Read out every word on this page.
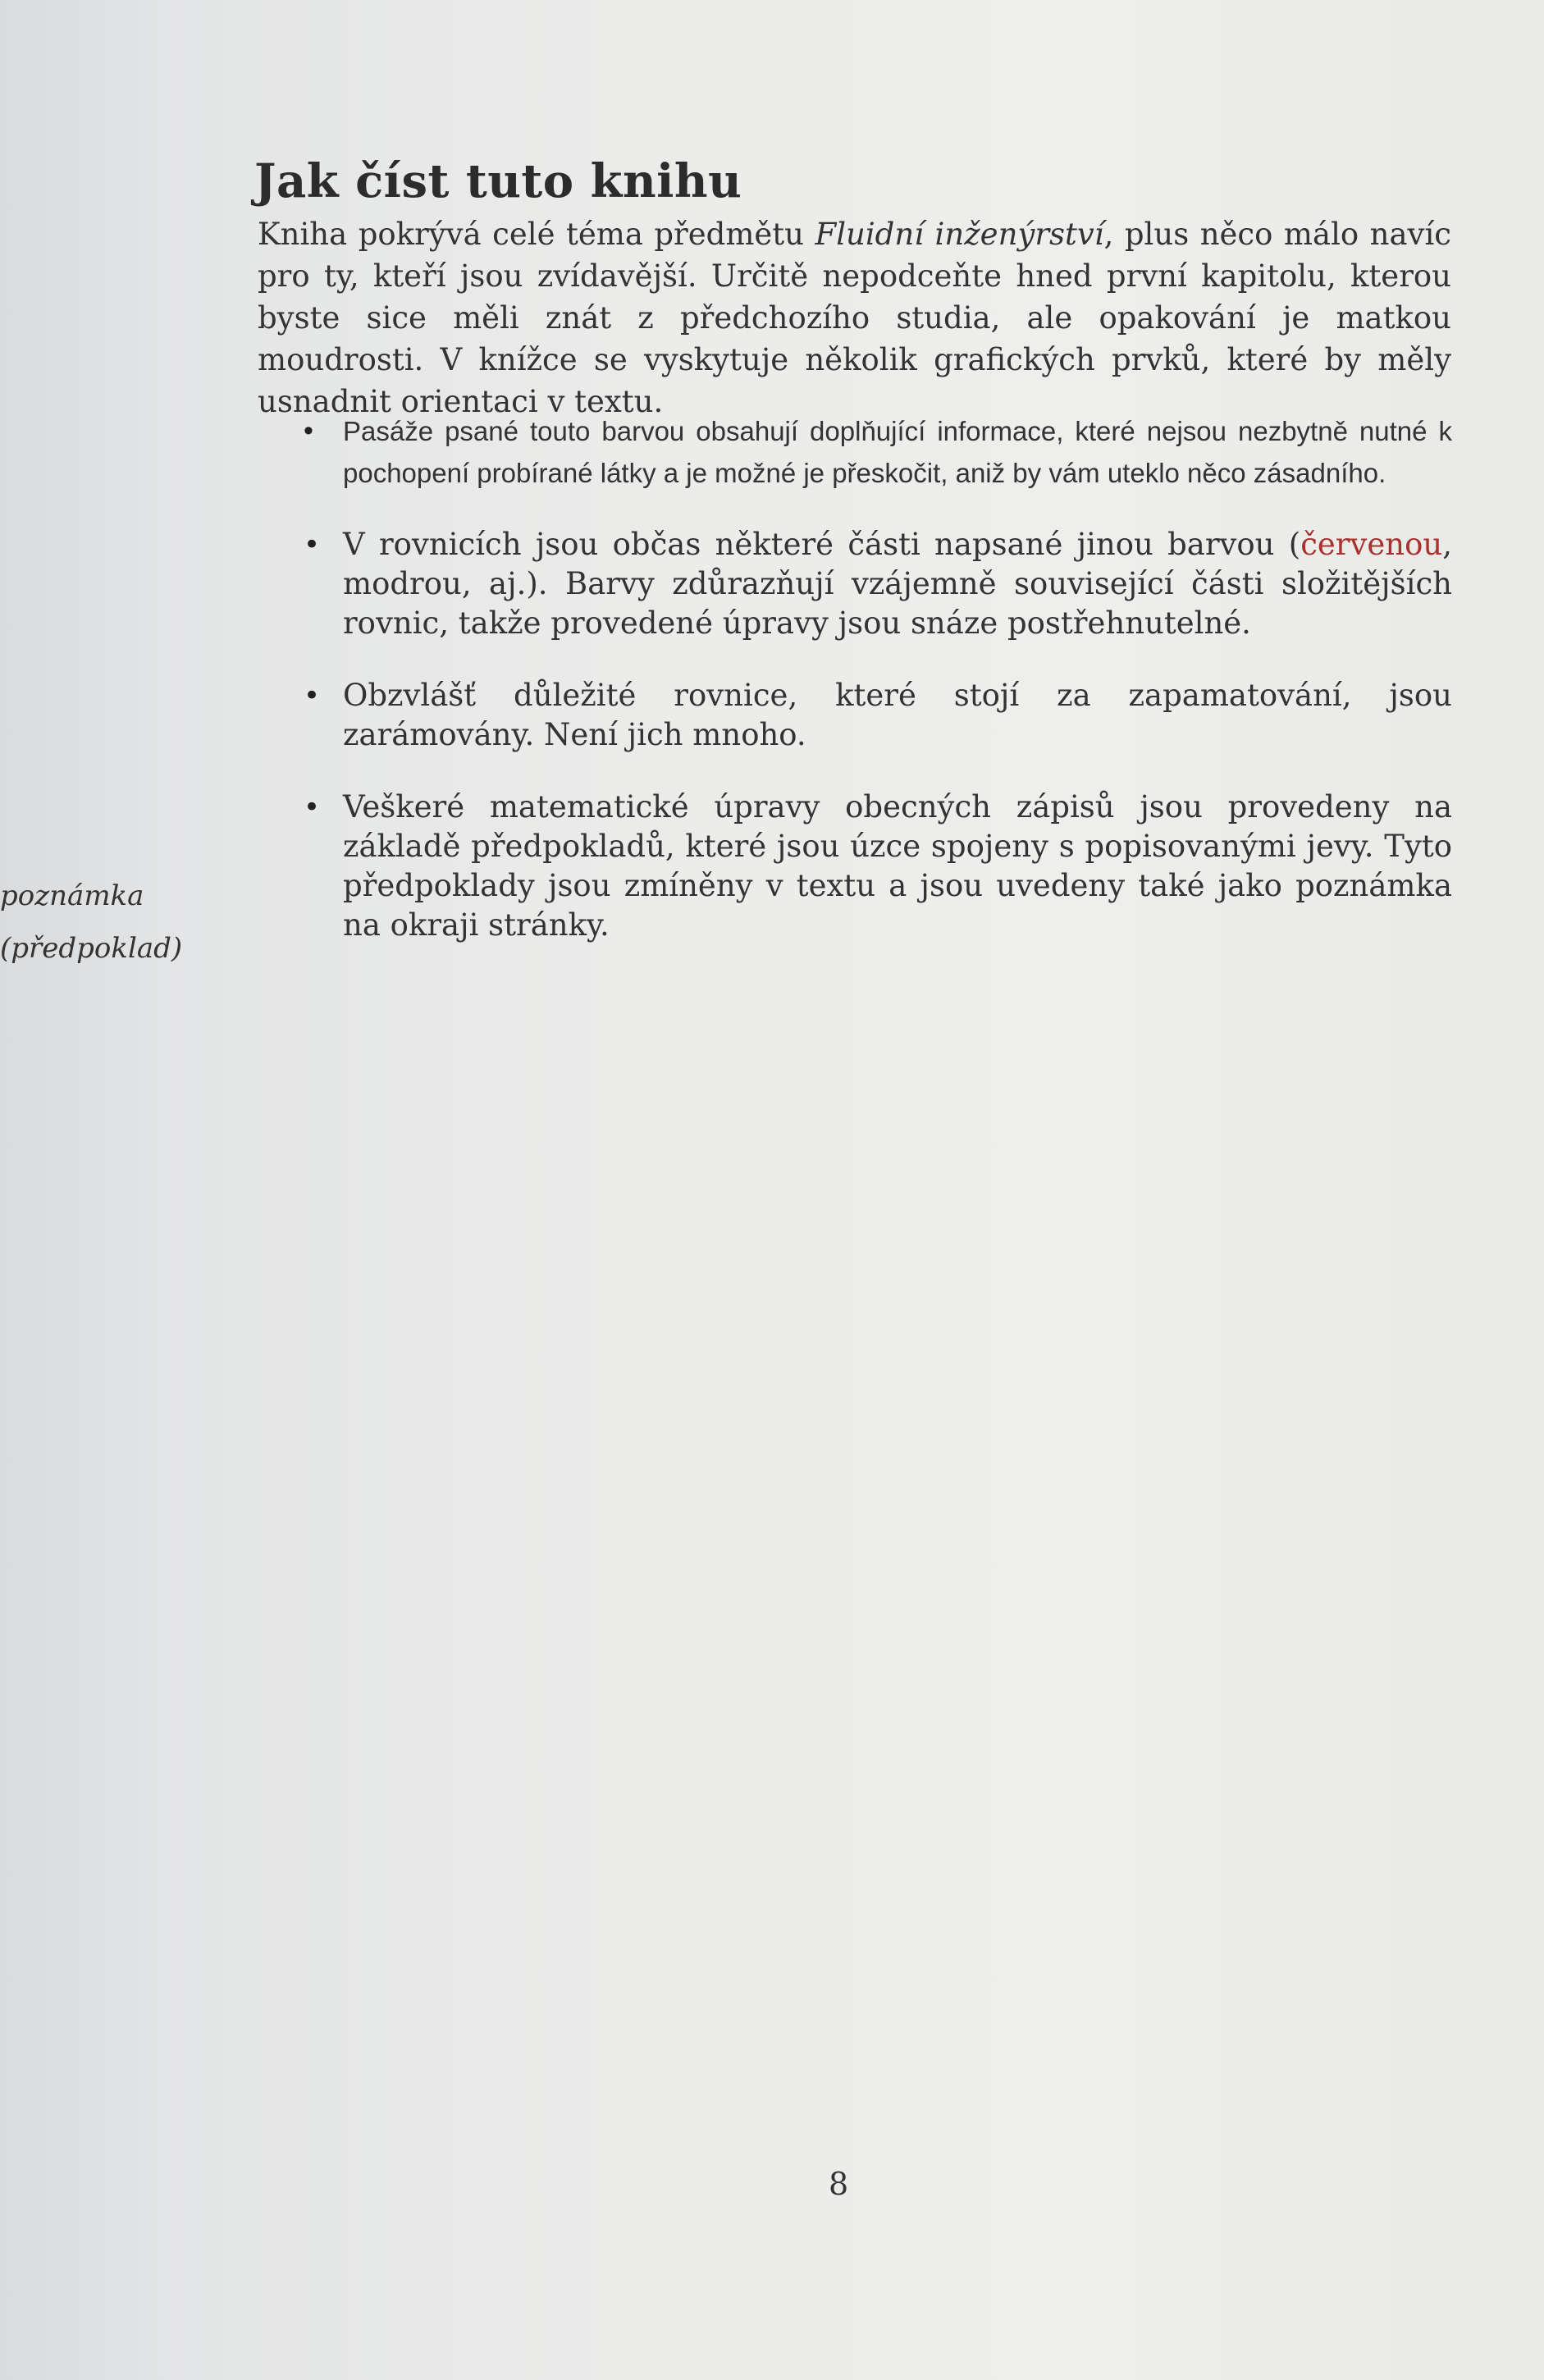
Jak číst tuto knihu

Kniha pokrývá celé téma předmětu Fluidní inženýrství, plus něco málo navíc pro ty, kteří jsou zvídavější. Určitě nepodceňte hned první kapitolu, kterou byste sice měli znát z předchozího studia, ale opakování je matkou moudrosti. V knížce se vyskytuje několik grafických prvků, které by měly usnadnit orientaci v textu.

• Pasáže psané touto barvou obsahují doplňující informace, které nejsou nezbytně nutné k pochopení probírané látky a je možné je přeskočit, aniž by vám uteklo něco zásadního.
• V rovnicích jsou občas některé části napsané jinou barvou (červenou, modrou, aj.). Barvy zdůrazňují vzájemně související části složitějších rovnic, takže provedené úpravy jsou snáze postřehnutelné.
• Obzvlášť důležité rovnice, které stojí za zapamatování, jsou zarámovány. Není jich mnoho.
• Veškeré matematické úpravy obecných zápisů jsou provedeny na základě předpokladů, které jsou úzce spojeny s popisovanými jevy. Tyto předpoklady jsou zmíněny v textu a jsou uvedeny také jako poznámka na okraji stránky.
poznámka
(předpoklad)
8
